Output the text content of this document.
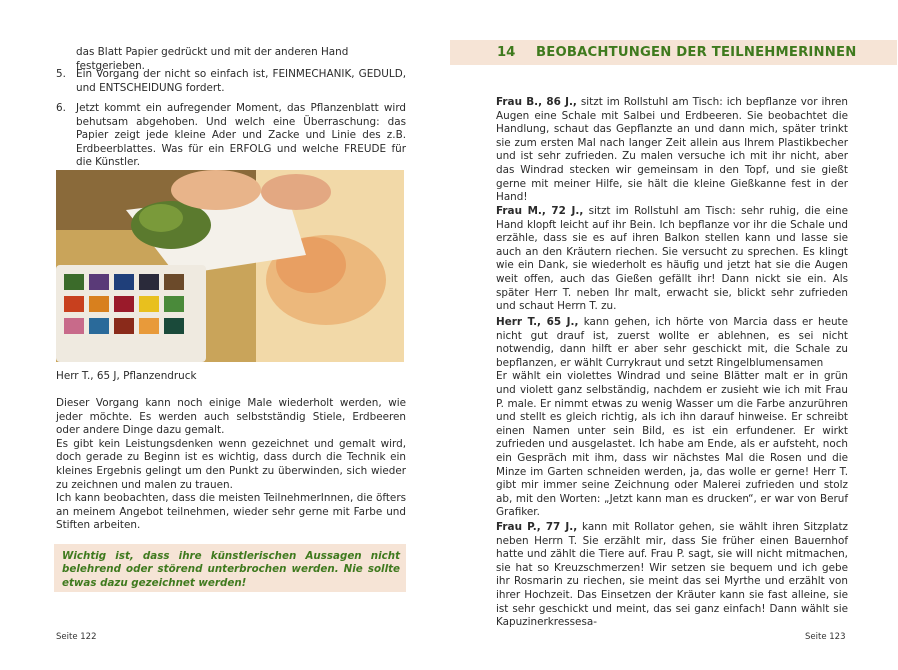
das Blatt Papier gedrückt und mit der anderen Hand festgerieben.
5. Ein Vorgang der nicht so einfach ist, FEINMECHANIK, GEDULD, und ENTSCHEIDUNG fordert.
6. Jetzt kommt ein aufregender Moment, das Pflanzenblatt wird behutsam abgehoben. Und welch eine Überraschung: das Papier zeigt jede kleine Ader und Zacke und Linie des z.B. Erdbeerblattes. Was für ein ERFOLG und welche FREUDE für die Künstler.
Herr T., 65 J, Pflanzendruck

Dieser Vorgang kann noch einige Male wiederholt werden, wie jeder möchte. Es werden auch selbstständig Stiele, Erdbeeren oder andere Dinge dazu gemalt.

Es gibt kein Leistungsdenken wenn gezeichnet und gemalt wird, doch gerade zu Beginn ist es wichtig, dass durch die Technik ein kleines Ergebnis gelingt um den Punkt zu überwinden, sich wieder zu zeichnen und malen zu trauen.

Ich kann beobachten, dass die meisten TeilnehmerInnen, die öfters an meinem Angebot teilnehmen, wieder sehr gerne mit Farbe und Stiften arbeiten.

Wichtig ist, dass ihre künstlerischen Aussagen nicht belehrend oder störend unterbrochen werden. Nie sollte etwas dazu gezeichnet werden!
Seite 122
14 BEOBACHTUNGEN DER TEILNEHMERINNEN

Frau B., 86 J., sitzt im Rollstuhl am Tisch: ich bepflanze vor ihren Augen eine Schale mit Salbei und Erdbeeren. Sie beobachtet die Handlung, schaut das Gepflanzte an und dann mich, später trinkt sie zum ersten Mal nach langer Zeit allein aus Ihrem Plastikbecher und ist sehr zufrieden. Zu malen versuche ich mit ihr nicht, aber das Windrad stecken wir gemeinsam in den Topf, und sie gießt gerne mit meiner Hilfe, sie hält die kleine Gießkanne fest in der Hand!

Frau M., 72 J., sitzt im Rollstuhl am Tisch: sehr ruhig, die eine Hand klopft leicht auf ihr Bein. Ich bepflanze vor ihr die Schale und erzähle, dass sie es auf ihren Balkon stellen kann und lasse sie auch an den Kräutern riechen. Sie versucht zu sprechen. Es klingt wie ein Dank, sie wiederholt es häufig und jetzt hat sie die Augen weit offen, auch das Gießen gefällt ihr! Dann nickt sie ein. Als später Herr T. neben Ihr malt, erwacht sie, blickt sehr zufrieden und schaut Herrn T. zu.

Herr T., 65 J., kann gehen, ich hörte von Marcia dass er heute nicht gut drauf ist, zuerst wollte er ablehnen, es sei nicht notwendig, dann hilft er aber sehr geschickt mit, die Schale zu bepflanzen, er wählt Currykraut und setzt Ringelblumensamen

Er wählt ein violettes Windrad und seine Blätter malt er in grün und violett ganz selbständig, nachdem er zusieht wie ich mit Frau P. male. Er nimmt etwas zu wenig Wasser um die Farbe anzurühren und stellt es gleich richtig, als ich ihn darauf hinweise. Er schreibt einen Namen unter sein Bild, es ist ein erfundener. Er wirkt zufrieden und ausgelastet. Ich habe am Ende, als er aufsteht, noch ein Gespräch mit ihm, dass wir nächstes Mal die Rosen und die Minze im Garten schneiden werden, ja, das wolle er gerne! Herr T. gibt mir immer seine Zeichnung oder Malerei zufrieden und stolz ab, mit den Worten: „Jetzt kann man es drucken“, er war von Beruf Grafiker.

Frau P., 77 J., kann mit Rollator gehen, sie wählt ihren Sitzplatz neben Herrn T. Sie erzählt mir, dass Sie früher einen Bauernhof hatte und zählt die Tiere auf. Frau P. sagt, sie will nicht mitmachen, sie hat so Kreuzschmerzen! Wir setzen sie bequem und ich gebe ihr Rosmarin zu riechen, sie meint das sei Myrthe und erzählt von ihrer Hochzeit. Das Einsetzen der Kräuter kann sie fast alleine, sie ist sehr geschickt und meint, das sei ganz einfach! Dann wählt sie Kapuzinerkressesa-

Seite 123
